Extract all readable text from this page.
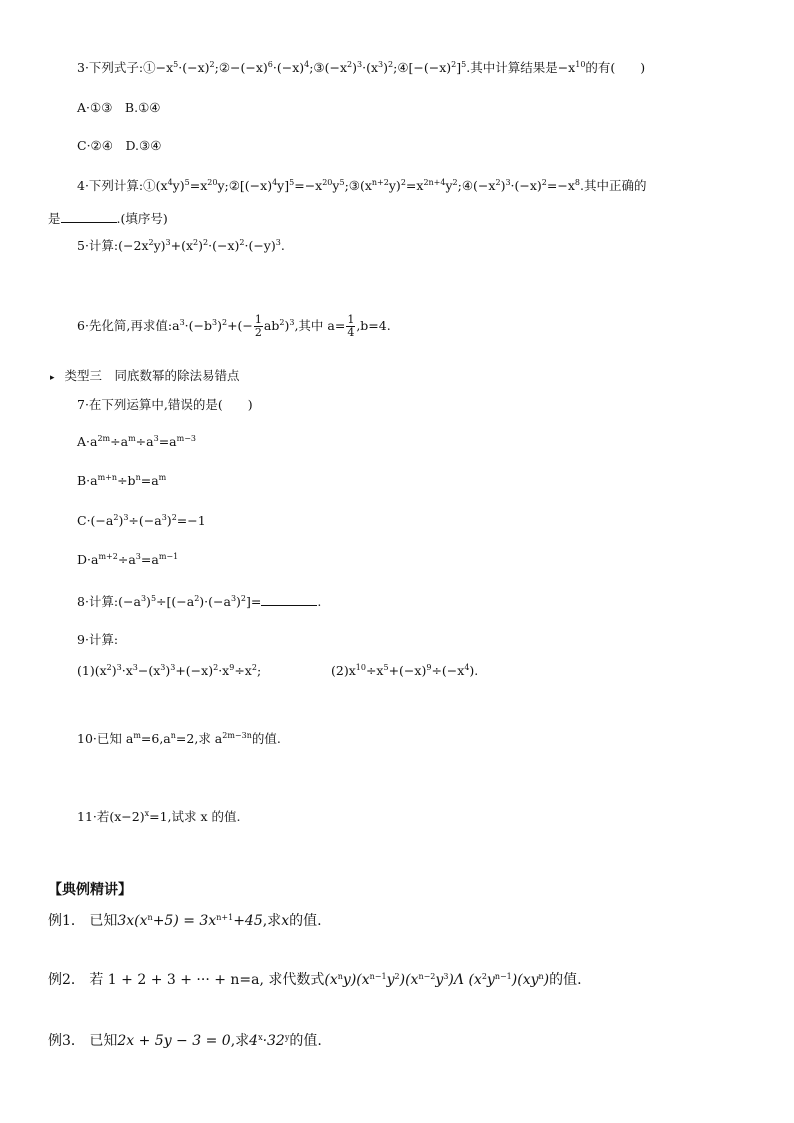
3·下列式子$:①-x^5\cdot(-x)^2;②-(-x)^6\cdot(-x)^4;③(-x^2)^3\cdot(x^3)^2;④[-(-x)^2]^5$.其中计算结果是$-x^{10}$的有(　　)
A·①③　B.①④
C·②④　D.③④
4·下列计算$:①(x^4y)^5=x^{20}y;②[(-x)^4y]^5=-x^{20}y^5;③(x^{n+2}y)^2=x^{2n+4}y^2;④(-x^2)^3\cdot(-x)^2=-x^8$.其中正确的
是	.(填序号)
5·计算$:(-2x^2y)^3+(x^2)^2\cdot(-x)^2\cdot(-y)^3$.
6·先化简,再求值$:a^3\cdot(-b^3)^2+(- \frac{1}{2} ab^2)^3$,其中 $a= \frac{1}{4} ,b=4$.
▸ 类型三　同底数幂的除法易错点
7·在下列运算中,错误的是(　　)
$A\cdot a^{2m}\div a^m\div a^3=a^{m-3}$
$B\cdot a^{m+n}\div b^n=a^m$
$C\cdot(-a^2)^3\div(-a^3)^2=-1$
$D\cdot a^{m+2}\div a^3=a^{m-1}$
8·计算$:(-a^3)^5\div[(-a^2)\cdot(-a^3)^2]=$	.
9·计算:
$(1)(x^2)^3\cdot x^3-(x^3)^3+(-x)^2\cdot x^9\div x^2$;	$(2)x^{10}\div x^5+(-x)^9\div(-x^4)$.
10·已知 $a^m=6,a^n=2$,求 $a^{2m-3n}$的值.
11·若$(x-2)^x=1$,试求 x 的值.
【典例精讲】
例1． 已知$3x(x^n+5) = 3x^{n+1}+45$,求x的值.
例2． 若 1 + 2 + 3 + ··· + n=a, 求代数式$(x^ny)(x^{n-1}y^2)(x^{n-2}y^3)\Lambda$ $(x^2y^{n-1})(xy^n)$的值.
例3． 已知2x + 5y − 3 = 0,求$4^x\cdot 32^y$的值.
